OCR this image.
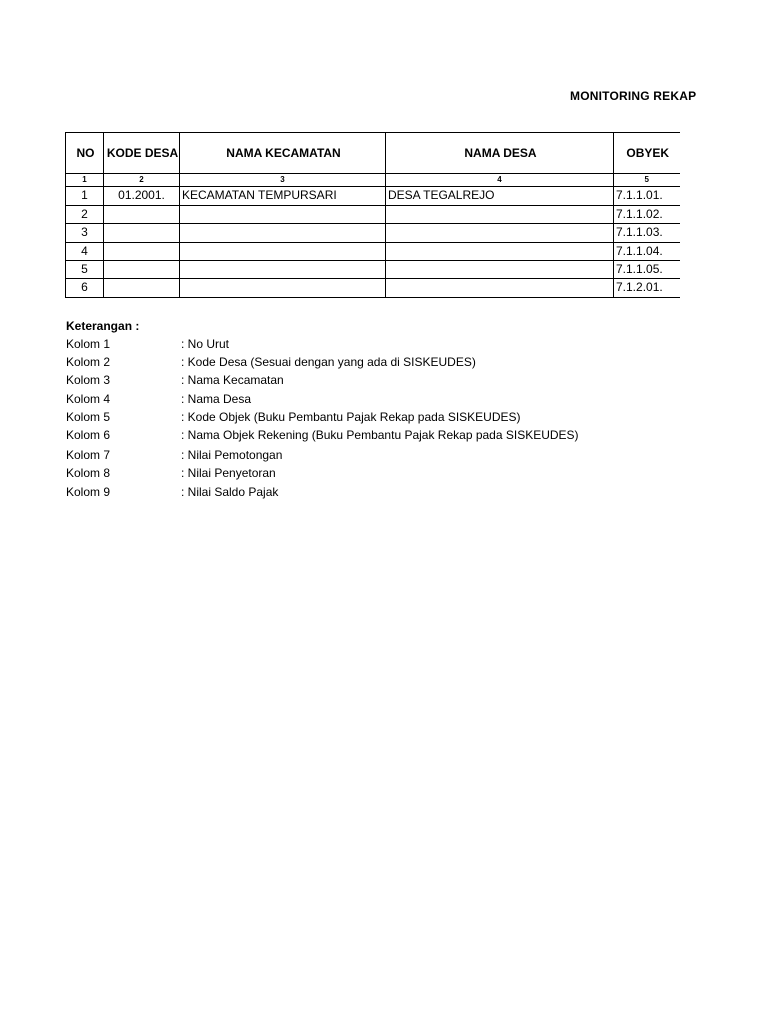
MONITORING REKAP
NO	KODE DESA	NAMA KECAMATAN	NAMA DESA	OBYEK
1	2	3	4	5
1	01.2001.	KECAMATAN TEMPURSARI	DESA TEGALREJO	7.1.1.01.
2				7.1.1.02.
3				7.1.1.03.
4				7.1.1.04.
5				7.1.1.05.
6				7.1.2.01.
Keterangan :
Kolom 1	: No Urut
Kolom 2	: Kode Desa (Sesuai dengan yang ada di SISKEUDES)
Kolom 3	: Nama Kecamatan
Kolom 4	: Nama Desa
Kolom 5	: Kode Objek (Buku Pembantu Pajak Rekap pada SISKEUDES)
Kolom 6	: Nama Objek Rekening (Buku Pembantu Pajak Rekap pada SISKEUDES)
Kolom 7	: Nilai Pemotongan
Kolom 8	: Nilai Penyetoran
Kolom 9	: Nilai Saldo Pajak
